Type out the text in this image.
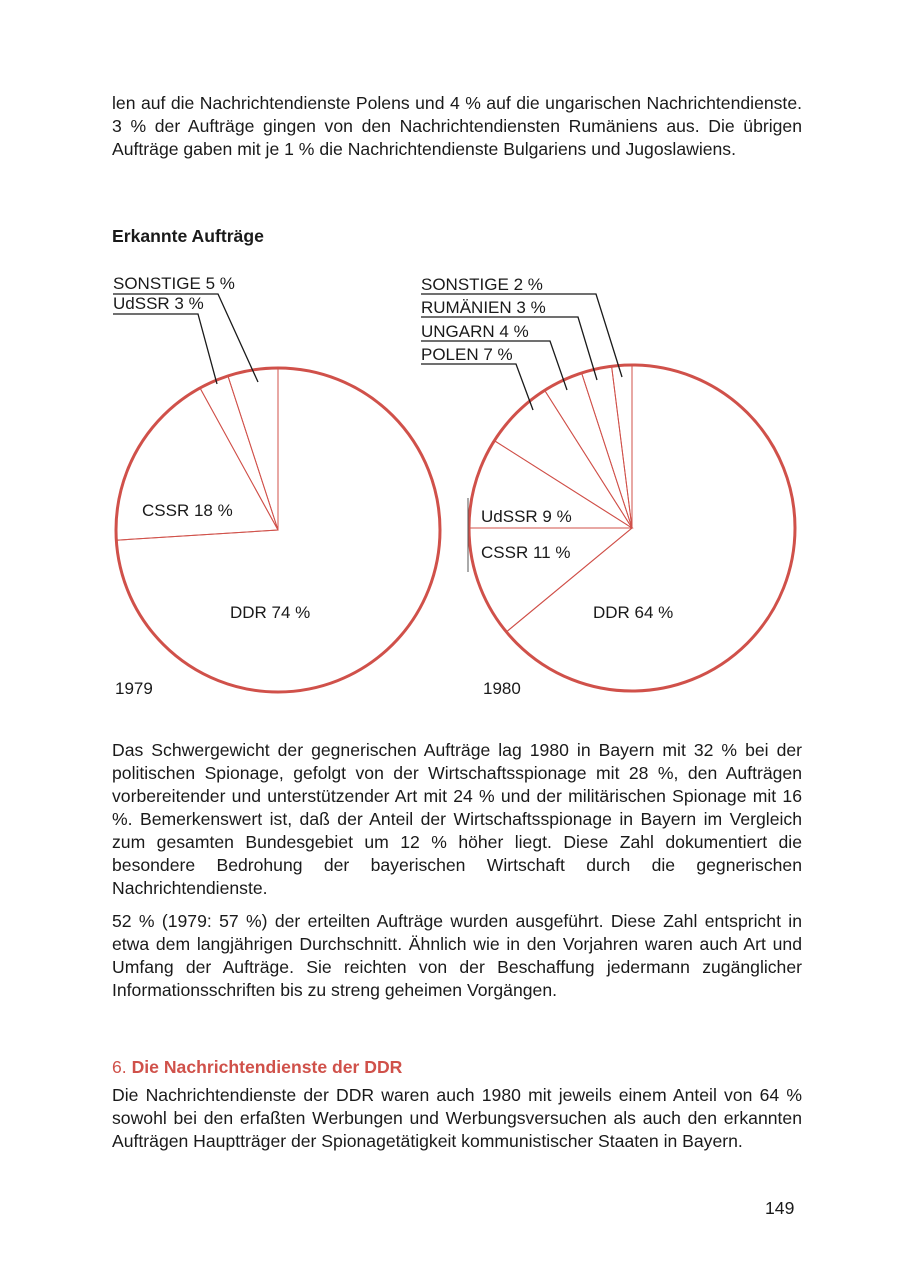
len auf die Nachrichtendienste Polens und 4 % auf die ungarischen Nachrichtendienste. 3 % der Aufträge gingen von den Nachrichtendiensten Rumäniens aus. Die übrigen Aufträge gaben mit je 1 % die Nachrichtendienste Bulgariens und Jugoslawiens.

Erkannte Aufträge

DDR 74 %
CSSR 18 %
SONSTIGE 5 %
UdSSR 3 %
1979
UdSSR 9 %
CSSR 11 %
DDR 64 %
1980
SONSTIGE 2 %
RUMÄNIEN 3 %
UNGARN 4 %
POLEN 7 %

Das Schwergewicht der gegnerischen Aufträge lag 1980 in Bayern mit 32 % bei der politischen Spionage, gefolgt von der Wirtschaftsspionage mit 28 %, den Aufträgen vorbereitender und unterstützender Art mit 24 % und der militärischen Spionage mit 16 %. Bemerkenswert ist, daß der Anteil der Wirtschaftsspionage in Bayern im Vergleich zum gesamten Bundesgebiet um 12 % höher liegt. Diese Zahl dokumentiert die besondere Bedrohung der bayerischen Wirtschaft durch die gegnerischen Nachrichtendienste.

52 % (1979: 57 %) der erteilten Aufträge wurden ausgeführt. Diese Zahl entspricht in etwa dem langjährigen Durchschnitt. Ähnlich wie in den Vorjahren waren auch Art und Umfang der Aufträge. Sie reichten von der Beschaffung jedermann zugänglicher Informationsschriften bis zu streng geheimen Vorgängen.

6. Die Nachrichtendienste der DDR

Die Nachrichtendienste der DDR waren auch 1980 mit jeweils einem Anteil von 64 % sowohl bei den erfaßten Werbungen und Werbungsversuchen als auch den erkannten Aufträgen Hauptträger der Spionagetätigkeit kommunistischer Staaten in Bayern.

149
